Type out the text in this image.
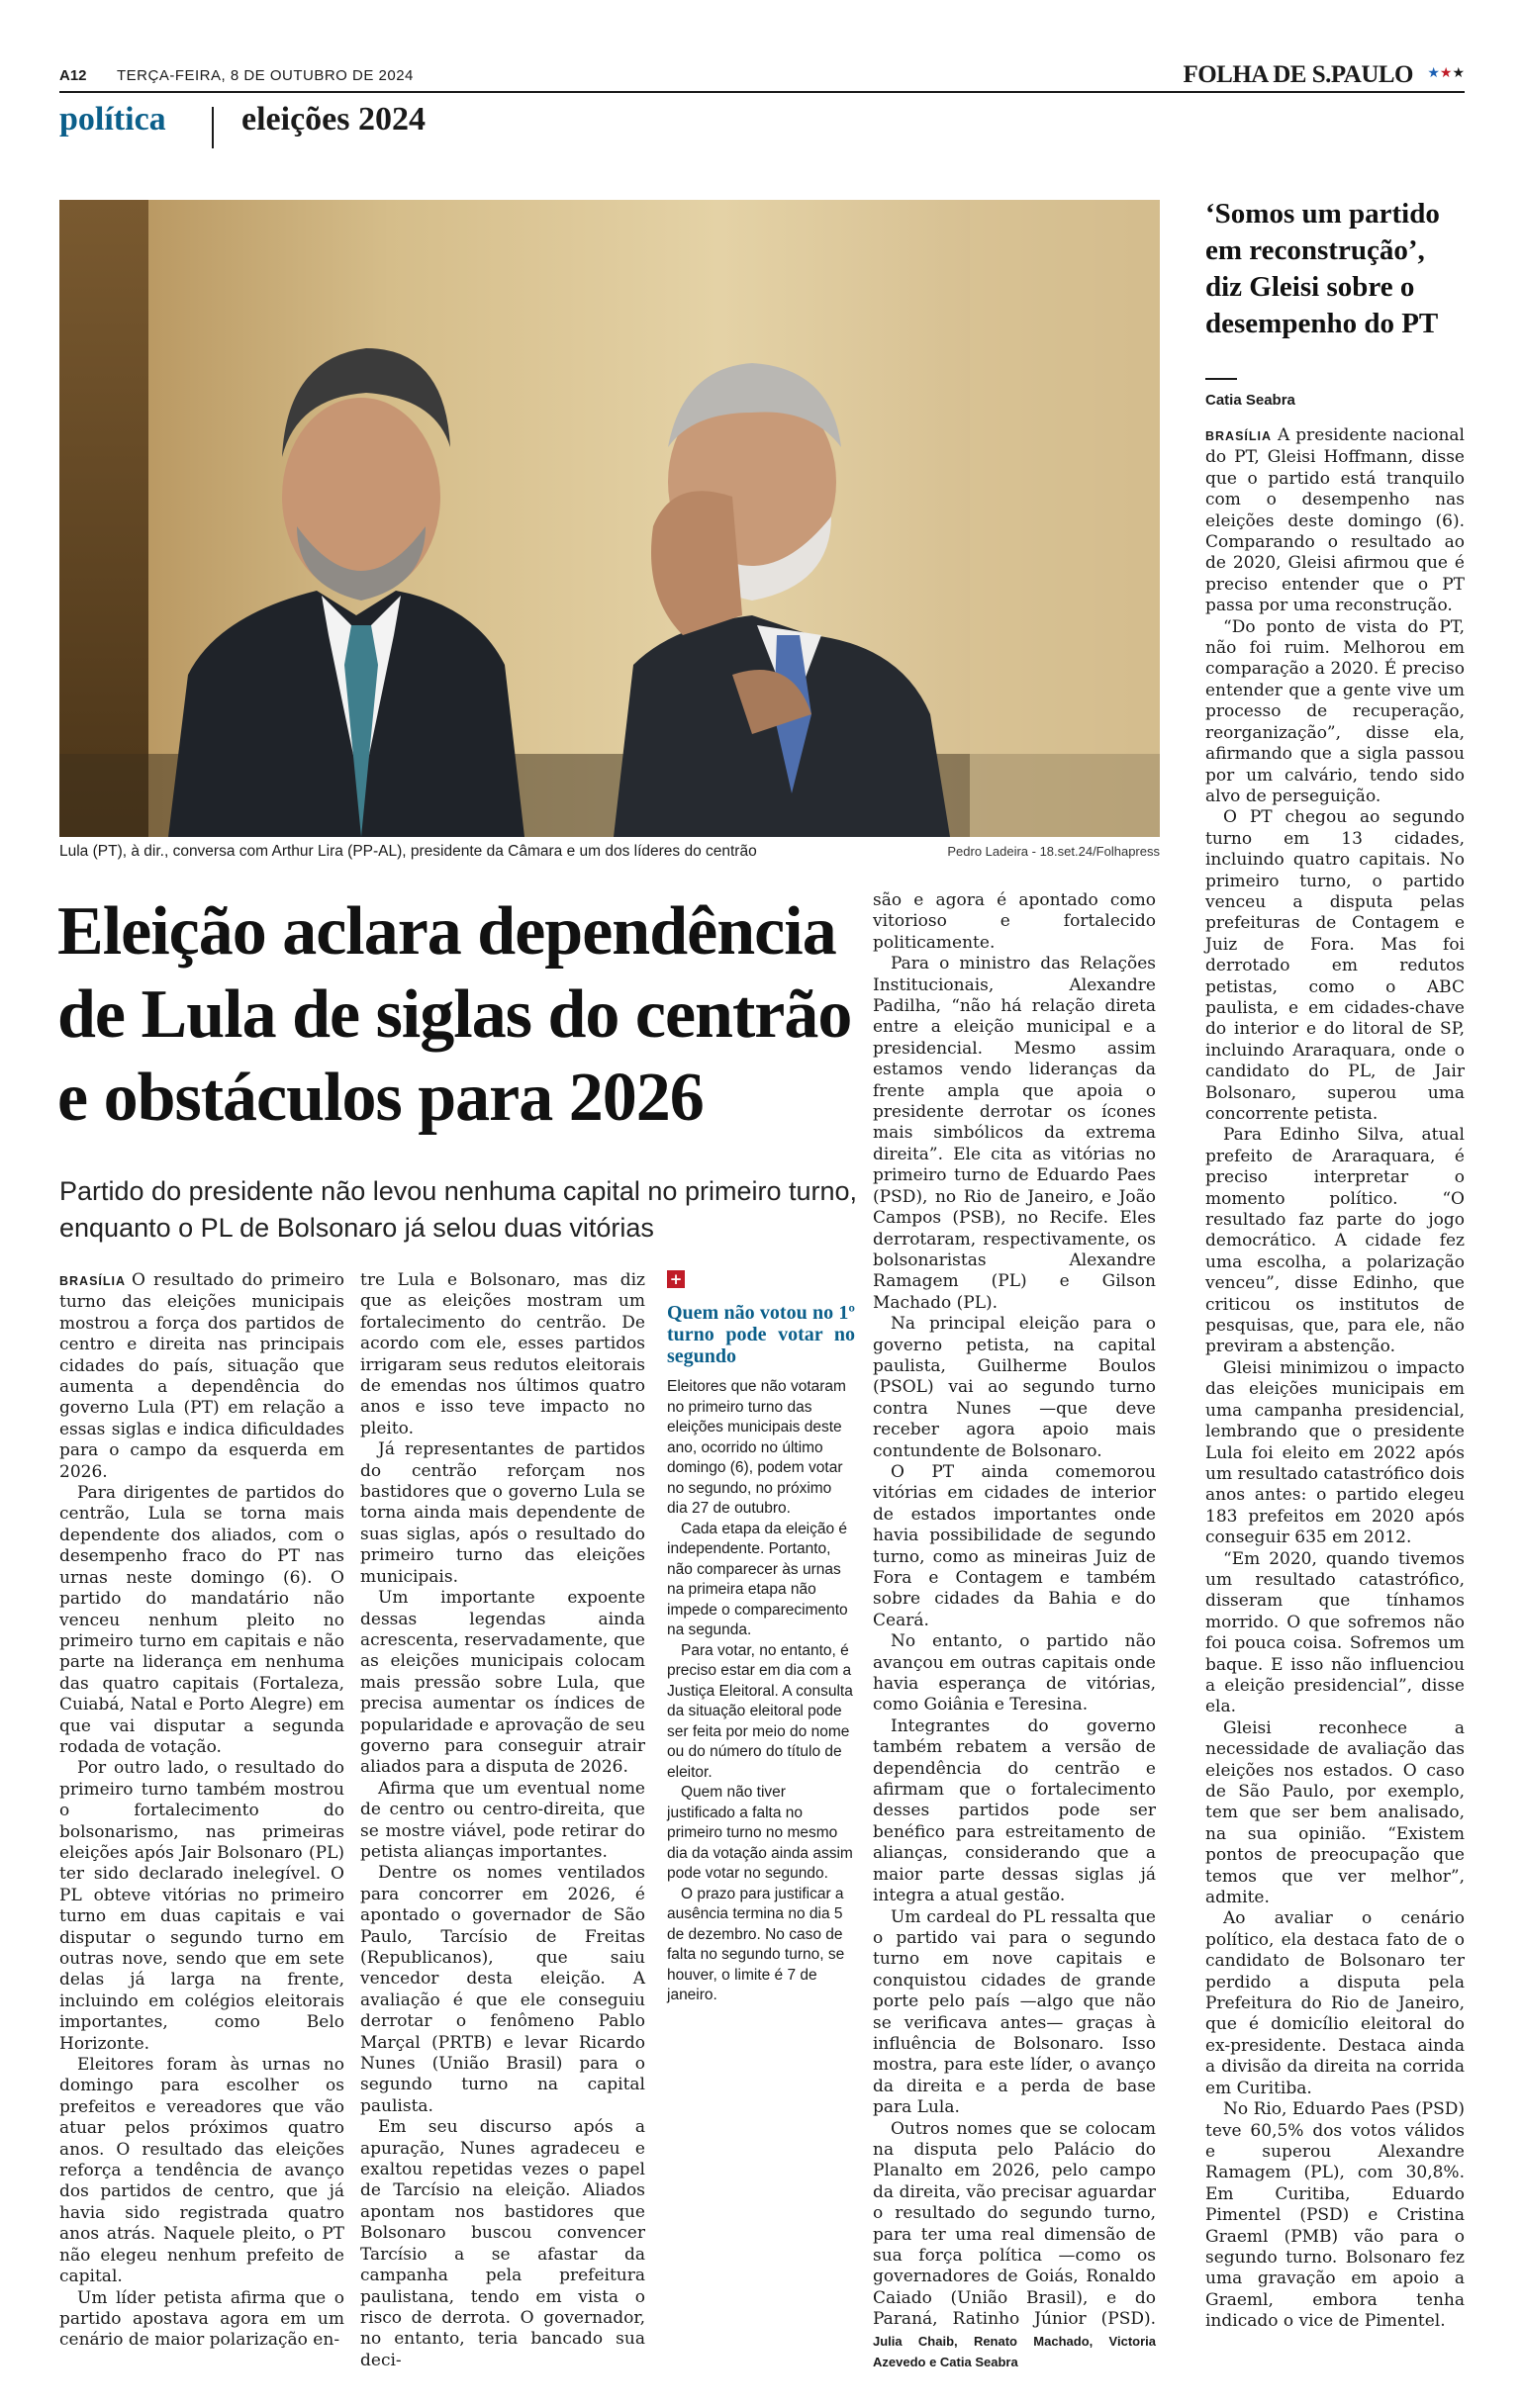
A12 TERÇA-FEIRA, 8 DE OUTUBRO DE 2024	FOLHA DE S.PAULO ★★★
política eleições 2024
Lula (PT), à dir., conversa com Arthur Lira (PP-AL), presidente da Câmara e um dos líderes do centrão	Pedro Ladeira - 18.set.24/Folhapress
Eleição aclara dependência de Lula de siglas do centrão e obstáculos para 2026
Partido do presidente não levou nenhuma capital no primeiro turno, enquanto o PL de Bolsonaro já selou duas vitórias

BRASÍLIA O resultado do primeiro turno das eleições municipais mostrou a força dos partidos de centro e direita nas principais cidades do país, situação que aumenta a dependência do governo Lula (PT) em relação a essas siglas e indica dificuldades para o campo da esquerda em 2026.

Para dirigentes de partidos do centrão, Lula se torna mais dependente dos aliados, com o desempenho fraco do PT nas urnas neste domingo (6). O partido do mandatário não venceu nenhum pleito no primeiro turno em capitais e não parte na liderança em nenhuma das quatro capitais (Fortaleza, Cuiabá, Natal e Porto Alegre) em que vai disputar a segunda rodada de votação.

Por outro lado, o resultado do primeiro turno também mostrou o fortalecimento do bolsonarismo, nas primeiras eleições após Jair Bolsonaro (PL) ter sido declarado inelegível. O PL obteve vitórias no primeiro turno em duas capitais e vai disputar o segundo turno em outras nove, sendo que em sete delas já larga na frente, incluindo em colégios eleitorais importantes, como Belo Horizonte.

Eleitores foram às urnas no domingo para escolher os prefeitos e vereadores que vão atuar pelos próximos quatro anos. O resultado das eleições reforça a tendência de avanço dos partidos de centro, que já havia sido registrada quatro anos atrás. Naquele pleito, o PT não elegeu nenhum prefeito de capital.

Um líder petista afirma que o partido apostava agora em um cenário de maior polarização en-

tre Lula e Bolsonaro, mas diz que as eleições mostram um fortalecimento do centrão. De acordo com ele, esses partidos irrigaram seus redutos eleitorais de emendas nos últimos quatro anos e isso teve impacto no pleito.

Já representantes de partidos do centrão reforçam nos bastidores que o governo Lula se torna ainda mais dependente de suas siglas, após o resultado do primeiro turno das eleições municipais.

Um importante expoente dessas legendas ainda acrescenta, reservadamente, que as eleições municipais colocam mais pressão sobre Lula, que precisa aumentar os índices de popularidade e aprovação de seu governo para conseguir atrair aliados para a disputa de 2026.

Afirma que um eventual nome de centro ou centro-direita, que se mostre viável, pode retirar do petista alianças importantes.

Dentre os nomes ventilados para concorrer em 2026, é apontado o governador de São Paulo, Tarcísio de Freitas (Republicanos), que saiu vencedor desta eleição. A avaliação é que ele conseguiu derrotar o fenômeno Pablo Marçal (PRTB) e levar Ricardo Nunes (União Brasil) para o segundo turno na capital paulista.

Em seu discurso após a apuração, Nunes agradeceu e exaltou repetidas vezes o papel de Tarcísio na eleição. Aliados apontam nos bastidores que Bolsonaro buscou convencer Tarcísio a se afastar da campanha pela prefeitura paulistana, tendo em vista o risco de derrota. O governador, no entanto, teria bancado sua deci-

+
Quem não votou no 1º turno pode votar no segundo

Eleitores que não votaram no primeiro turno das eleições municipais deste ano, ocorrido no último domingo (6), podem votar no segundo, no próximo dia 27 de outubro.

Cada etapa da eleição é independente. Portanto, não comparecer às urnas na primeira etapa não impede o comparecimento na segunda.

Para votar, no entanto, é preciso estar em dia com a Justiça Eleitoral. A consulta da situação eleitoral pode ser feita por meio do nome ou do número do título de eleitor.

Quem não tiver justificado a falta no primeiro turno no mesmo dia da votação ainda assim pode votar no segundo.

O prazo para justificar a ausência termina no dia 5 de dezembro. No caso de falta no segundo turno, se houver, o limite é 7 de janeiro.

são e agora é apontado como vitorioso e fortalecido politicamente.

Para o ministro das Relações Institucionais, Alexandre Padilha, “não há relação direta entre a eleição municipal e a presidencial. Mesmo assim estamos vendo lideranças da frente ampla que apoia o presidente derrotar os ícones mais simbólicos da extrema direita”. Ele cita as vitórias no primeiro turno de Eduardo Paes (PSD), no Rio de Janeiro, e João Campos (PSB), no Recife. Eles derrotaram, respectivamente, os bolsonaristas Alexandre Ramagem (PL) e Gilson Machado (PL).

Na principal eleição para o governo petista, na capital paulista, Guilherme Boulos (PSOL) vai ao segundo turno contra Nunes —que deve receber agora apoio mais contundente de Bolsonaro.

O PT ainda comemorou vitórias em cidades de interior de estados importantes onde havia possibilidade de segundo turno, como as mineiras Juiz de Fora e Contagem e também sobre cidades da Bahia e do Ceará.

No entanto, o partido não avançou em outras capitais onde havia esperança de vitórias, como Goiânia e Teresina.

Integrantes do governo também rebatem a versão de dependência do centrão e afirmam que o fortalecimento desses partidos pode ser benéfico para estreitamento de alianças, considerando que a maior parte dessas siglas já integra a atual gestão.

Um cardeal do PL ressalta que o partido vai para o segundo turno em nove capitais e conquistou cidades de grande porte pelo país —algo que não se verificava antes— graças à influência de Bolsonaro. Isso mostra, para este líder, o avanço da direita e a perda de base para Lula.

Outros nomes que se colocam na disputa pelo Palácio do Planalto em 2026, pelo campo da direita, vão precisar aguardar o resultado do segundo turno, para ter uma real dimensão de sua força política —como os governadores de Goiás, Ronaldo Caiado (União Brasil), e do Paraná, Ratinho Júnior (PSD). Julia Chaib, Renato Machado, Victoria Azevedo e Catia Seabra

‘Somos um partido em reconstrução’, diz Gleisi sobre o desempenho do PT
Catia Seabra

BRASÍLIA A presidente nacional do PT, Gleisi Hoffmann, disse que o partido está tranquilo com o desempenho nas eleições deste domingo (6). Comparando o resultado ao de 2020, Gleisi afirmou que é preciso entender que o PT passa por uma reconstrução.

“Do ponto de vista do PT, não foi ruim. Melhorou em comparação a 2020. É preciso entender que a gente vive um processo de recuperação, reorganização”, disse ela, afirmando que a sigla passou por um calvário, tendo sido alvo de perseguição.

O PT chegou ao segundo turno em 13 cidades, incluindo quatro capitais. No primeiro turno, o partido venceu a disputa pelas prefeituras de Contagem e Juiz de Fora. Mas foi derrotado em redutos petistas, como o ABC paulista, e em cidades-chave do interior e do litoral de SP, incluindo Araraquara, onde o candidato do PL, de Jair Bolsonaro, superou uma concorrente petista.

Para Edinho Silva, atual prefeito de Araraquara, é preciso interpretar o momento político. “O resultado faz parte do jogo democrático. A cidade fez uma escolha, a polarização venceu”, disse Edinho, que criticou os institutos de pesquisas, que, para ele, não previram a abstenção.

Gleisi minimizou o impacto das eleições municipais em uma campanha presidencial, lembrando que o presidente Lula foi eleito em 2022 após um resultado catastrófico dois anos antes: o partido elegeu 183 prefeitos em 2020 após conseguir 635 em 2012.

“Em 2020, quando tivemos um resultado catastrófico, disseram que tínhamos morrido. O que sofremos não foi pouca coisa. Sofremos um baque. E isso não influenciou a eleição presidencial”, disse ela.

Gleisi reconhece a necessidade de avaliação das eleições nos estados. O caso de São Paulo, por exemplo, tem que ser bem analisado, na sua opinião. “Existem pontos de preocupação que temos que ver melhor”, admite.

Ao avaliar o cenário político, ela destaca fato de o candidato de Bolsonaro ter perdido a disputa pela Prefeitura do Rio de Janeiro, que é domicílio eleitoral do ex-presidente. Destaca ainda a divisão da direita na corrida em Curitiba.

No Rio, Eduardo Paes (PSD) teve 60,5% dos votos válidos e superou Alexandre Ramagem (PL), com 30,8%. Em Curitiba, Eduardo Pimentel (PSD) e Cristina Graeml (PMB) vão para o segundo turno. Bolsonaro fez uma gravação em apoio a Graeml, embora tenha indicado o vice de Pimentel.
